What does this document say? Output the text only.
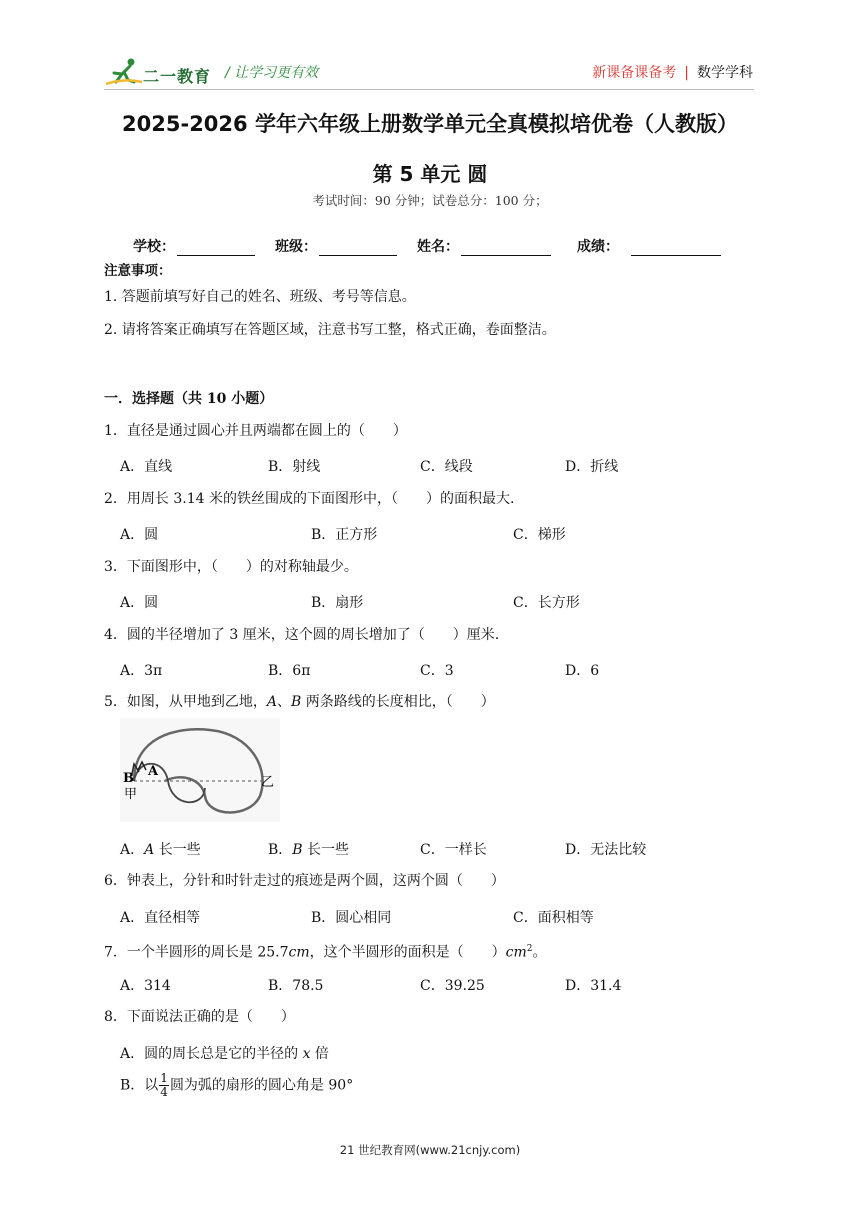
二一教育 / 让学习更有效	新课备课备考 | 数学学科
2025-2026 学年六年级上册数学单元全真模拟培优卷（人教版）
第 5 单元 圆
考试时间：90 分钟；试卷总分：100 分；
学校：	班级：	姓名：	成绩：
注意事项：
1. 答题前填写好自己的姓名、班级、考号等信息。
2. 请将答案正确填写在答题区域，注意书写工整，格式正确，卷面整洁。
一．选择题（共 10 小题）
1．直径是通过圆心并且两端都在圆上的（　　）
A．直线	B．射线	C．线段	D．折线
2．用周长 3.14 米的铁丝围成的下面图形中，（　　）的面积最大.
A．圆	B．正方形	C．梯形
3．下面图形中，（　　）的对称轴最少。
A．圆	B．扇形	C．长方形
4．圆的半径增加了 3 厘米，这个圆的周长增加了（　　）厘米.
A．3π	B．6π	C．3	D．6
5．如图，从甲地到乙地，A、B 两条路线的长度相比，（　　）
B A
甲
乙
A．A 长一些	B．B 长一些	C．一样长	D．无法比较
6．钟表上，分针和时针走过的痕迹是两个圆，这两个圆（　　）
A．直径相等	B．圆心相同	C．面积相等
7．一个半圆形的周长是 25.7cm，这个半圆形的面积是（　　）$cm^2$。
A．314	B．78.5	C．39.25	D．31.4
8．下面说法正确的是（　　）
A．圆的周长总是它的半径的 x 倍
B．以 $\frac{1}{4}$ 圆为弧的扇形的圆心角是 90°
21 世纪教育网(www.21cnjy.com)
